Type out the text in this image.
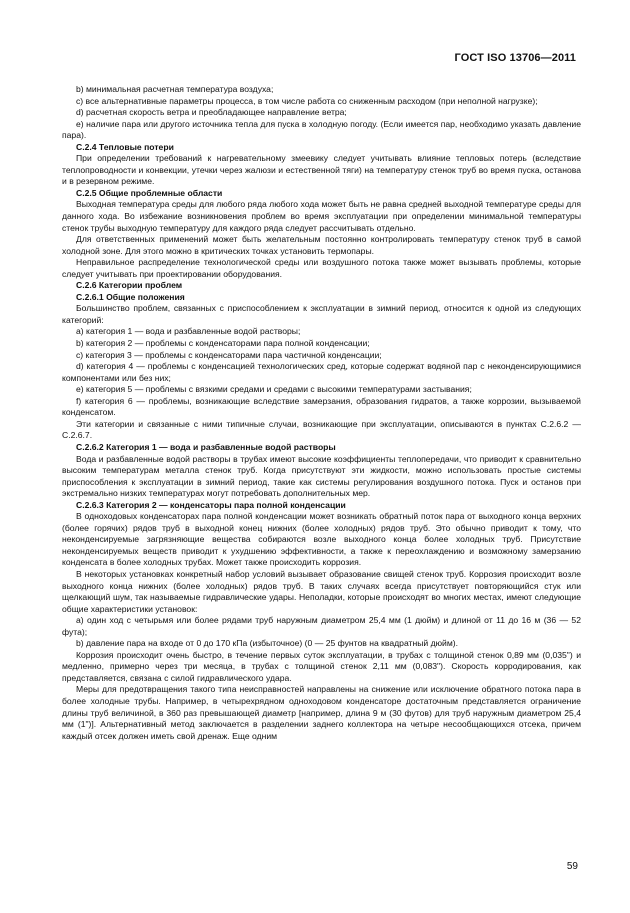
ГОСТ ISO 13706—2011

b) минимальная расчетная температура воздуха;

c) все альтернативные параметры процесса, в том числе работа со сниженным расходом (при неполной нагрузке);

d) расчетная скорость ветра и преобладающее направление ветра;

e) наличие пара или другого источника тепла для пуска в холодную погоду. (Если имеется пар, необходимо указать давление пара).

С.2.4 Тепловые потери

При определении требований к нагревательному змеевику следует учитывать влияние тепловых потерь (вследствие теплопроводности и конвекции, утечки через жалюзи и естественной тяги) на температуру стенок труб во время пуска, останова и в резервном режиме.

С.2.5 Общие проблемные области

Выходная температура среды для любого ряда любого хода может быть не равна средней выходной температуре среды для данного хода. Во избежание возникновения проблем во время эксплуатации при определении минимальной температуры стенок трубы выходную температуру для каждого ряда следует рассчитывать отдельно.

Для ответственных применений может быть желательным постоянно контролировать температуру стенок труб в самой холодной зоне. Для этого можно в критических точках установить термопары.

Неправильное распределение технологической среды или воздушного потока также может вызывать проблемы, которые следует учитывать при проектировании оборудования.

С.2.6 Категории проблем

С.2.6.1 Общие положения

Большинство проблем, связанных с приспособлением к эксплуатации в зимний период, относится к одной из следующих категорий:

a) категория 1 — вода и разбавленные водой растворы;

b) категория 2 — проблемы с конденсаторами пара полной конденсации;

c) категория 3 — проблемы с конденсаторами пара частичной конденсации;

d) категория 4 — проблемы с конденсацией технологических сред, которые содержат водяной пар с неконденсирующимися компонентами или без них;

e) категория 5 — проблемы с вязкими средами и средами с высокими температурами застывания;

f) категория 6 — проблемы, возникающие вследствие замерзания, образования гидратов, а также коррозии, вызываемой конденсатом.

Эти категории и связанные с ними типичные случаи, возникающие при эксплуатации, описываются в пунктах С.2.6.2 — С.2.6.7.

С.2.6.2 Категория 1 — вода и разбавленные водой растворы

Вода и разбавленные водой растворы в трубах имеют высокие коэффициенты теплопередачи, что приводит к сравнительно высоким температурам металла стенок труб. Когда присутствуют эти жидкости, можно использовать простые системы приспособления к эксплуатации в зимний период, такие как системы регулирования воздушного потока. Пуск и останов при экстремально низких температурах могут потребовать дополнительных мер.

С.2.6.3 Категория 2 — конденсаторы пара полной конденсации

В одноходовых конденсаторах пара полной конденсации может возникать обратный поток пара от выходного конца верхних (более горячих) рядов труб в выходной конец нижних (более холодных) рядов труб. Это обычно приводит к тому, что неконденсируемые загрязняющие вещества собираются возле выходного конца более холодных труб. Присутствие неконденсируемых веществ приводит к ухудшению эффективности, а также к переохлаждению и возможному замерзанию конденсата в более холодных трубах. Может также происходить коррозия.

В некоторых установках конкретный набор условий вызывает образование свищей стенок труб. Коррозия происходит возле выходного конца нижних (более холодных) рядов труб. В таких случаях всегда присутствует повторяющийся стук или щелкающий шум, так называемые гидравлические удары. Неполадки, которые происходят во многих местах, имеют следующие общие характеристики установок:

a) один ход с четырьмя или более рядами труб наружным диаметром 25,4 мм (1 дюйм) и длиной от 11 до 16 м (36 — 52 фута);

b) давление пара на входе от 0 до 170 кПа (избыточное) (0 — 25 фунтов на квадратный дюйм).

Коррозия происходит очень быстро, в течение первых суток эксплуатации, в трубах с толщиной стенок 0,89 мм (0,035") и медленно, примерно через три месяца, в трубах с толщиной стенок 2,11 мм (0,083"). Скорость корродирования, как представляется, связана с силой гидравлического удара.

Меры для предотвращения такого типа неисправностей направлены на снижение или исключение обратного потока пара в более холодные трубы. Например, в четырехрядном одноходовом конденсаторе достаточным представляется ограничение длины труб величиной, в 360 раз превышающей диаметр [например, длина 9 м (30 футов) для труб наружным диаметром 25,4 мм (1")]. Альтернативный метод заключается в разделении заднего коллектора на четыре несообщающихся отсека, причем каждый отсек должен иметь свой дренаж. Еще одним

59
